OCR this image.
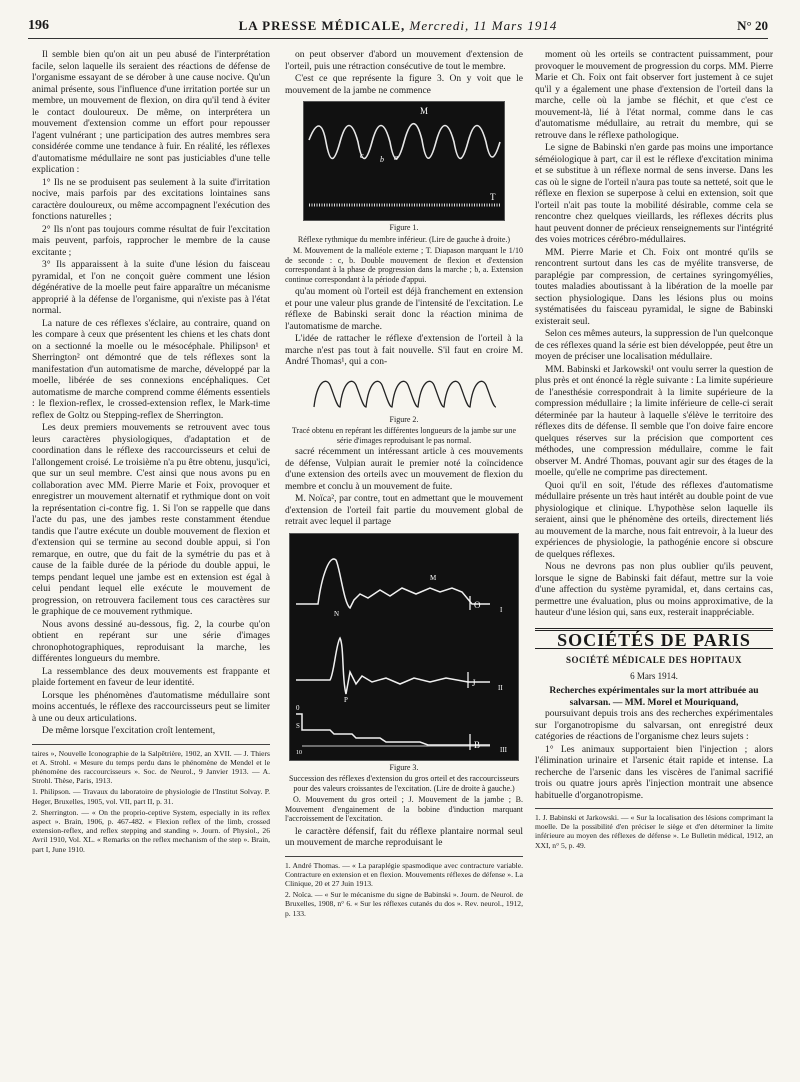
196	LA PRESSE MÉDICALE, Mercredi, 11 Mars 1914	N° 20

Il semble bien qu'on ait un peu abusé de l'interprétation facile, selon laquelle ils seraient des réactions de défense de l'organisme essayant de se dérober à une cause nocive. Qu'un animal présente, sous l'influence d'une irritation portée sur un membre, un mouvement de flexion, on dira qu'il tend à éviter le contact douloureux. De même, on interprétera un mouvement d'extension comme un effort pour repousser l'agent vulnérant ; une participation des autres membres sera considérée comme une tendance à fuir. En réalité, les réflexes d'automatisme médullaire ne sont pas justiciables d'une telle explication :

1° Ils ne se produisent pas seulement à la suite d'irritation nocive, mais parfois par des excitations lointaines sans caractère douloureux, ou même accompagnent l'exécution des fonctions naturelles ;

2° Ils n'ont pas toujours comme résultat de fuir l'excitation mais peuvent, parfois, rapprocher le membre de la cause excitante ;

3° Ils apparaissent à la suite d'une lésion du faisceau pyramidal, et l'on ne conçoit guère comment une lésion dégénérative de la moelle peut faire apparaître un mécanisme approprié à la défense de l'organisme, qui n'existe pas à l'état normal.

La nature de ces réflexes s'éclaire, au contraire, quand on les compare à ceux que présentent les chiens et les chats dont on a sectionné la moelle ou le mésocéphale. Philipson¹ et Sherrington² ont démontré que de tels réflexes sont la manifestation d'un automatisme de marche, développé par la moelle, libérée de ses connexions encéphaliques. Cet automatisme de marche comprend comme éléments essentiels : le flexion-reflex, le crossed-extension reflex, le Mark-time reflex de Goltz ou Stepping-reflex de Sherrington.

Les deux premiers mouvements se retrouvent avec tous leurs caractères physiologiques, d'adaptation et de coordination dans le réflexe des raccourcisseurs et celui de l'allongement croisé. Le troisième n'a pu être obtenu, jusqu'ici, que sur un seul membre. C'est ainsi que nous avons pu en collaboration avec MM. Pierre Marie et Foix, provoquer et enregistrer un mouvement alternatif et rythmique dont on voit la représentation ci-contre fig. 1. Si l'on se rappelle que dans l'acte du pas, une des jambes reste constamment étendue tandis que l'autre exécute un double mouvement de flexion et d'extension qui se termine au second double appui, si l'on remarque, en outre, que du fait de la symétrie du pas et à cause de la faible durée de la période du double appui, le temps pendant lequel une jambe est en extension est égal à celui pendant lequel elle exécute le mouvement de progression, on retrouvera facilement tous ces caractères sur le graphique de ce mouvement rythmique.

Nous avons dessiné au-dessous, fig. 2, la courbe qu'on obtient en repérant sur une série d'images chronophotographiques, reproduisant la marche, les différentes longueurs du membre.

La ressemblance des deux mouvements est frappante et plaide fortement en faveur de leur identité.

Lorsque les phénomènes d'automatisme médullaire sont moins accentués, le réflexe des raccourcisseurs peut se limiter à une ou deux articulations.

De même lorsque l'excitation croît lentement,

taires », Nouvelle Iconographie de la Salpêtrière, 1902, an XVII. — J. Thiers et A. Strohl. « Mesure du temps perdu dans le phénomène de Mendel et le phénomène des raccourcisseurs ». Soc. de Neurol., 9 Janvier 1913. — A. Strohl. Thèse, Paris, 1913.
1. Philipson. — Travaux du laboratoire de physiologie de l'Institut Solvay. P. Heger, Bruxelles, 1905, vol. VII, part II, p. 31.
2. Sherrington. — « On the proprio-ceptive System, especially in its reflex aspect ». Brain, 1906, p. 467-482. « Flexion reflex of the limb, crossed extension-reflex, and reflex stepping and standing ». Journ. of Physiol., 26 Avril 1910, Vol. XL. « Remarks on the reflex mechanism of the step ». Brain, part I, June 1910.

on peut observer d'abord un mouvement d'extension de l'orteil, puis une rétraction consécutive de tout le membre.

C'est ce que représente la figure 3. On y voit que le mouvement de la jambe ne commence

M
c b a
T
Figure 1.
Réflexe rythmique du membre inférieur. (Lire de gauche à droite.)
M. Mouvement de la malléole externe ; T. Diapason marquant le 1/10 de seconde : c, b. Double mouvement de flexion et d'extension correspondant à la phase de progression dans la marche ; b, a. Extension continue correspondant à la période d'appui.

qu'au moment où l'orteil est déjà franchement en extension et pour une valeur plus grande de l'intensité de l'excitation. Le réflexe de Babinski serait donc la réaction minima de l'automatisme de marche.

L'idée de rattacher le réflexe d'extension de l'orteil à la marche n'est pas tout à fait nouvelle. S'il faut en croire M. André Thomas¹, qui a con-

Figure 2.
Tracé obtenu en repérant les différentes longueurs de la jambe sur une série d'images reproduisant le pas normal.

sacré récemment un intéressant article à ces mouvements de défense, Vulpian aurait le premier noté la coïncidence d'une extension des orteils avec un mouvement de flexion du membre et conclu à un mouvement de fuite.

M. Noïca², par contre, tout en admettant que le mouvement d'extension de l'orteil fait partie du mouvement global de retrait avec lequel il partage

O	I
M
N
J	II
P
B	III
0
S
10
Figure 3.
Succession des réflexes d'extension du gros orteil et des raccourcisseurs pour des valeurs croissantes de l'excitation. (Lire de droite à gauche.)
O. Mouvement du gros orteil ; J. Mouvement de la jambe ; B. Mouvement d'engainement de la bobine d'induction marquant l'accroissement de l'excitation.

le caractère défensif, fait du réflexe plantaire normal seul un mouvement de marche reproduisant le

1. André Thomas. — « La paraplégie spasmodique avec contracture variable. Contracture en extension et en flexion. Mouvements réflexes de défense ». La Clinique, 20 et 27 Juin 1913.
2. Noïca. — « Sur le mécanisme du signe de Babinski ». Journ. de Neurol. de Bruxelles, 1908, n° 6. « Sur les réflexes cutanés du dos ». Rev. neurol., 1912, p. 133.

moment où les orteils se contractent puissamment, pour provoquer le mouvement de progression du corps. MM. Pierre Marie et Ch. Foix ont fait observer fort justement à ce sujet qu'il y a également une phase d'extension de l'orteil dans la marche, celle où la jambe se fléchit, et que c'est ce mouvement-là, lié à l'état normal, comme dans le cas d'automatisme médullaire, au retrait du membre, qui se retrouve dans le réflexe pathologique.

Le signe de Babinski n'en garde pas moins une importance séméiologique à part, car il est le réflexe d'excitation minima et se substitue à un réflexe normal de sens inverse. Dans les cas où le signe de l'orteil n'aura pas toute sa netteté, soit que le réflexe en flexion se superpose à celui en extension, soit que l'orteil n'ait pas toute la mobilité désirable, comme cela se rencontre chez quelques vieillards, les réflexes décrits plus haut peuvent donner de précieux renseignements sur l'intégrité des voies motrices cérébro-médullaires.

MM. Pierre Marie et Ch. Foix ont montré qu'ils se rencontrent surtout dans les cas de myélite transverse, de paraplégie par compression, de certaines syringomyélies, toutes maladies aboutissant à la libération de la moelle par section physiologique. Dans les lésions plus ou moins systématisées du faisceau pyramidal, le signe de Babinski existerait seul.

Selon ces mêmes auteurs, la suppression de l'un quelconque de ces réflexes quand la série est bien développée, peut être un moyen de préciser une localisation médullaire.

MM. Babinski et Jarkowski¹ ont voulu serrer la question de plus près et ont énoncé la règle suivante : La limite supérieure de l'anesthésie correspondrait à la limite supérieure de la compression médullaire ; la limite inférieure de celle-ci serait déterminée par la hauteur à laquelle s'élève le territoire des réflexes dits de défense. Il semble que l'on doive faire encore quelques réserves sur la précision que comportent ces méthodes, une compression médullaire, comme le fait observer M. André Thomas, pouvant agir sur des étages de la moelle, qu'elle ne comprime pas directement.

Quoi qu'il en soit, l'étude des réflexes d'automatisme médullaire présente un très haut intérêt au double point de vue physiologique et clinique. L'hypothèse selon laquelle ils seraient, ainsi que le phénomène des orteils, directement liés au mouvement de la marche, nous fait entrevoir, à la lueur des expériences de physiologie, la pathogénie encore si obscure de quelques réflexes.

Nous ne devrons pas non plus oublier qu'ils peuvent, lorsque le signe de Babinski fait défaut, mettre sur la voie d'une affection du système pyramidal, et, dans certains cas, permettre une évaluation, plus ou moins approximative, de la hauteur d'une lésion qui, sans eux, resterait inappréciable.

SOCIÉTÉS DE PARIS
SOCIÉTÉ MÉDICALE DES HOPITAUX
6 Mars 1914.
Recherches expérimentales sur la mort attribuée au salvarsan. — MM. Morel et Mouriquand,

poursuivant depuis trois ans des recherches expérimentales sur l'organotropisme du salvarsan, ont enregistré deux catégories de réactions de l'organisme chez leurs sujets :

1° Les animaux supportaient bien l'injection ; alors l'élimination urinaire et l'arsenic était rapide et intense. La recherche de l'arsenic dans les viscères de l'animal sacrifié trois ou quatre jours après l'injection montrait une absence habituelle d'organotropisme.

1. J. Babinski et Jarkowski. — « Sur la localisation des lésions comprimant la moelle. De la possibilité d'en préciser le siège et d'en déterminer la limite inférieure au moyen des réflexes de défense ». Le Bulletin médical, 1912, an XXI, n° 5, p. 49.
